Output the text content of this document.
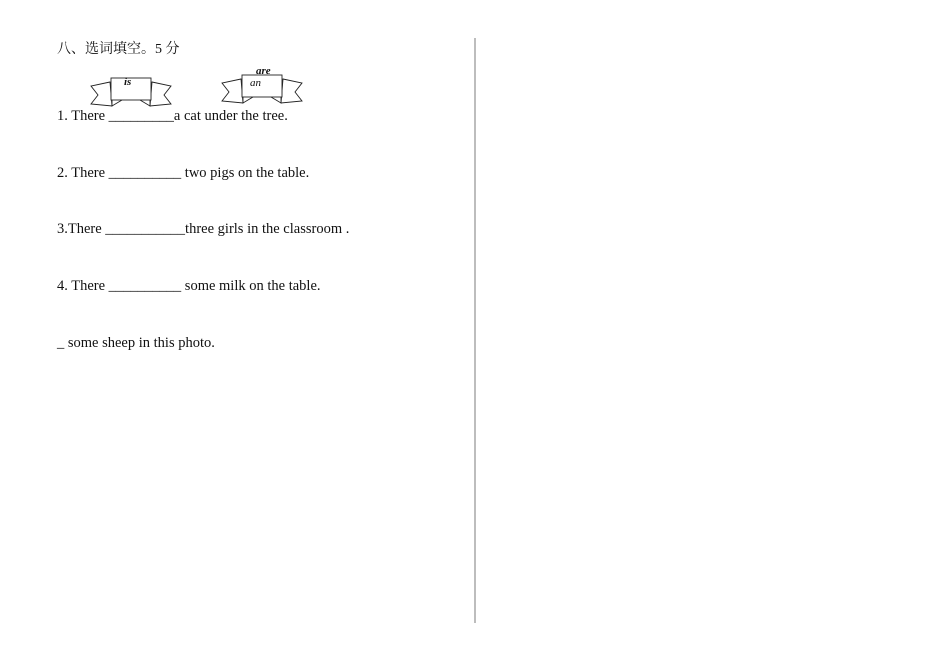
八、选词填空。5 分
is
are
an
1. There _________a cat under the tree.
2. There __________ two pigs on the table.
3.There ___________three girls in the classroom .
4. There __________ some milk on the table.
_ some sheep in this photo.
